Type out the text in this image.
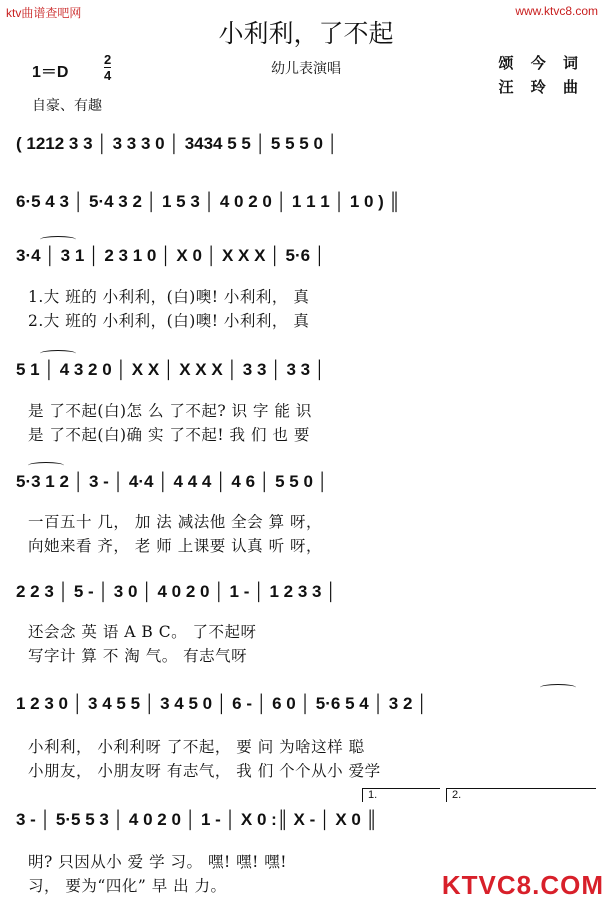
ktv曲谱查吧网	www.ktvc8.com
KTVC8.COM
小利利，了不起
幼儿表演唱
1＝D
2
4
颂 今 词
汪 玲 曲
自豪、有趣
( 1212 3 3 │ 3 3 3 0 │ 3434 5 5 │ 5 5 5 0 │
6·5 4 3 │ 5·4 3 2 │ 1 5 3 │ 4 0 2 0 │ 1 1 1 │ 1 0 ) ║
3·4 │ 3 1 │ 2 3 1 0 │ X 0 │ X X X │ 5·6 │
1.大 班的 小利利，(白)噢! 小利利， 真
2.大 班的 小利利，(白)噢! 小利利， 真
5 1 │ 4 3 2 0 │ X X │ X X X │ 3 3 │ 3 3 │
是 了不起(白)怎 么 了不起? 识 字 能 识
是 了不起(白)确 实 了不起! 我 们 也 要
5·3 1 2 │ 3 - │ 4·4 │ 4 4 4 │ 4 6 │ 5 5 0 │
一百五十 几， 加 法 减法他 全会 算 呀，
向她来看 齐， 老 师 上课要 认真 听 呀，
2 2 3 │ 5 - │ 3 0 │ 4 0 2 0 │ 1 - │ 1 2 3 3 │
还会念 英 语 A B C。 了不起呀
写字计 算 不 淘 气。 有志气呀
1 2 3 0 │ 3 4 5 5 │ 3 4 5 0 │ 6 - │ 6 0 │ 5·6 5 4 │ 3 2 │
小利利， 小利利呀 了不起， 要 问 为啥这样 聪
小朋友， 小朋友呀 有志气， 我 们 个个从小 爱学
1.	2.
3 - │ 5·5 5 3 │ 4 0 2 0 │ 1 - │ X 0 :║ X - │ X 0 ║
明? 只因从小 爱 学 习。 嘿! 嘿! 嘿!
习， 要为“四化” 早 出 力。
